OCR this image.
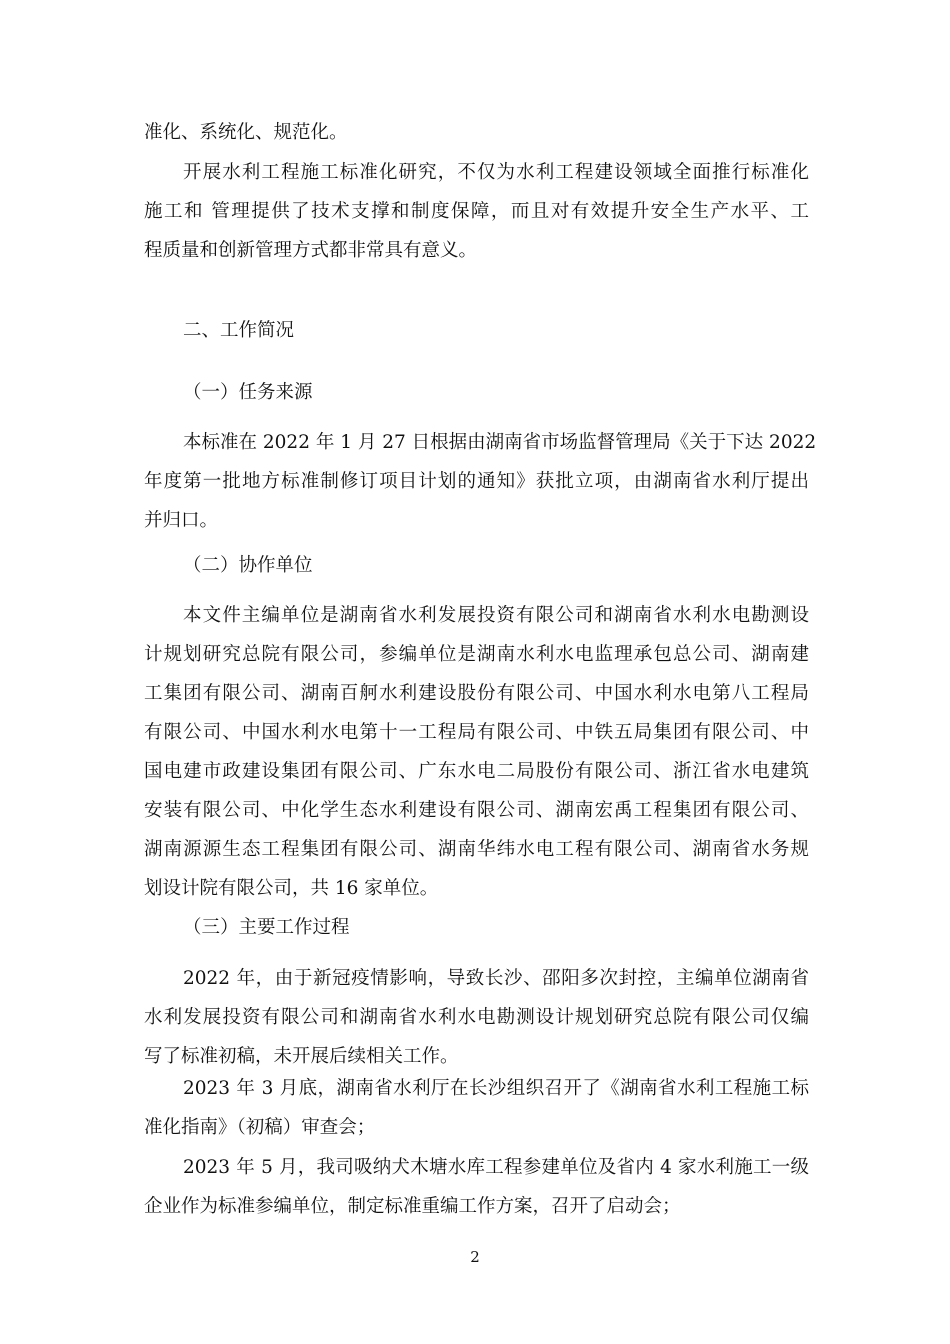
准化、系统化、规范化。
开展水利工程施工标准化研究，不仅为水利工程建设领域全面推行标准化
施工和 管理提供了技术支撑和制度保障，而且对有效提升安全生产水平、工
程质量和创新管理方式都非常具有意义。
二、工作简况
（一）任务来源
本标准在 2022 年 1 月 27 日根据由湖南省市场监督管理局《关于下达 2022
年度第一批地方标准制修订项目计划的通知》获批立项，由湖南省水利厅提出
并归口。
（二）协作单位
本文件主编单位是湖南省水利发展投资有限公司和湖南省水利水电勘测设
计规划研究总院有限公司，参编单位是湖南水利水电监理承包总公司、湖南建
工集团有限公司、湖南百舸水利建设股份有限公司、中国水利水电第八工程局
有限公司、中国水利水电第十一工程局有限公司、中铁五局集团有限公司、中
国电建市政建设集团有限公司、广东水电二局股份有限公司、浙江省水电建筑
安装有限公司、中化学生态水利建设有限公司、湖南宏禹工程集团有限公司、
湖南源源生态工程集团有限公司、湖南华纬水电工程有限公司、湖南省水务规
划设计院有限公司，共 16 家单位。
（三）主要工作过程
2022 年，由于新冠疫情影响，导致长沙、邵阳多次封控，主编单位湖南省
水利发展投资有限公司和湖南省水利水电勘测设计规划研究总院有限公司仅编
写了标准初稿，未开展后续相关工作。
2023 年 3 月底，湖南省水利厅在长沙组织召开了《湖南省水利工程施工标
准化指南》（初稿）审查会；
2023 年 5 月，我司吸纳犬木塘水库工程参建单位及省内 4 家水利施工一级
企业作为标准参编单位，制定标准重编工作方案，召开了启动会；
2
